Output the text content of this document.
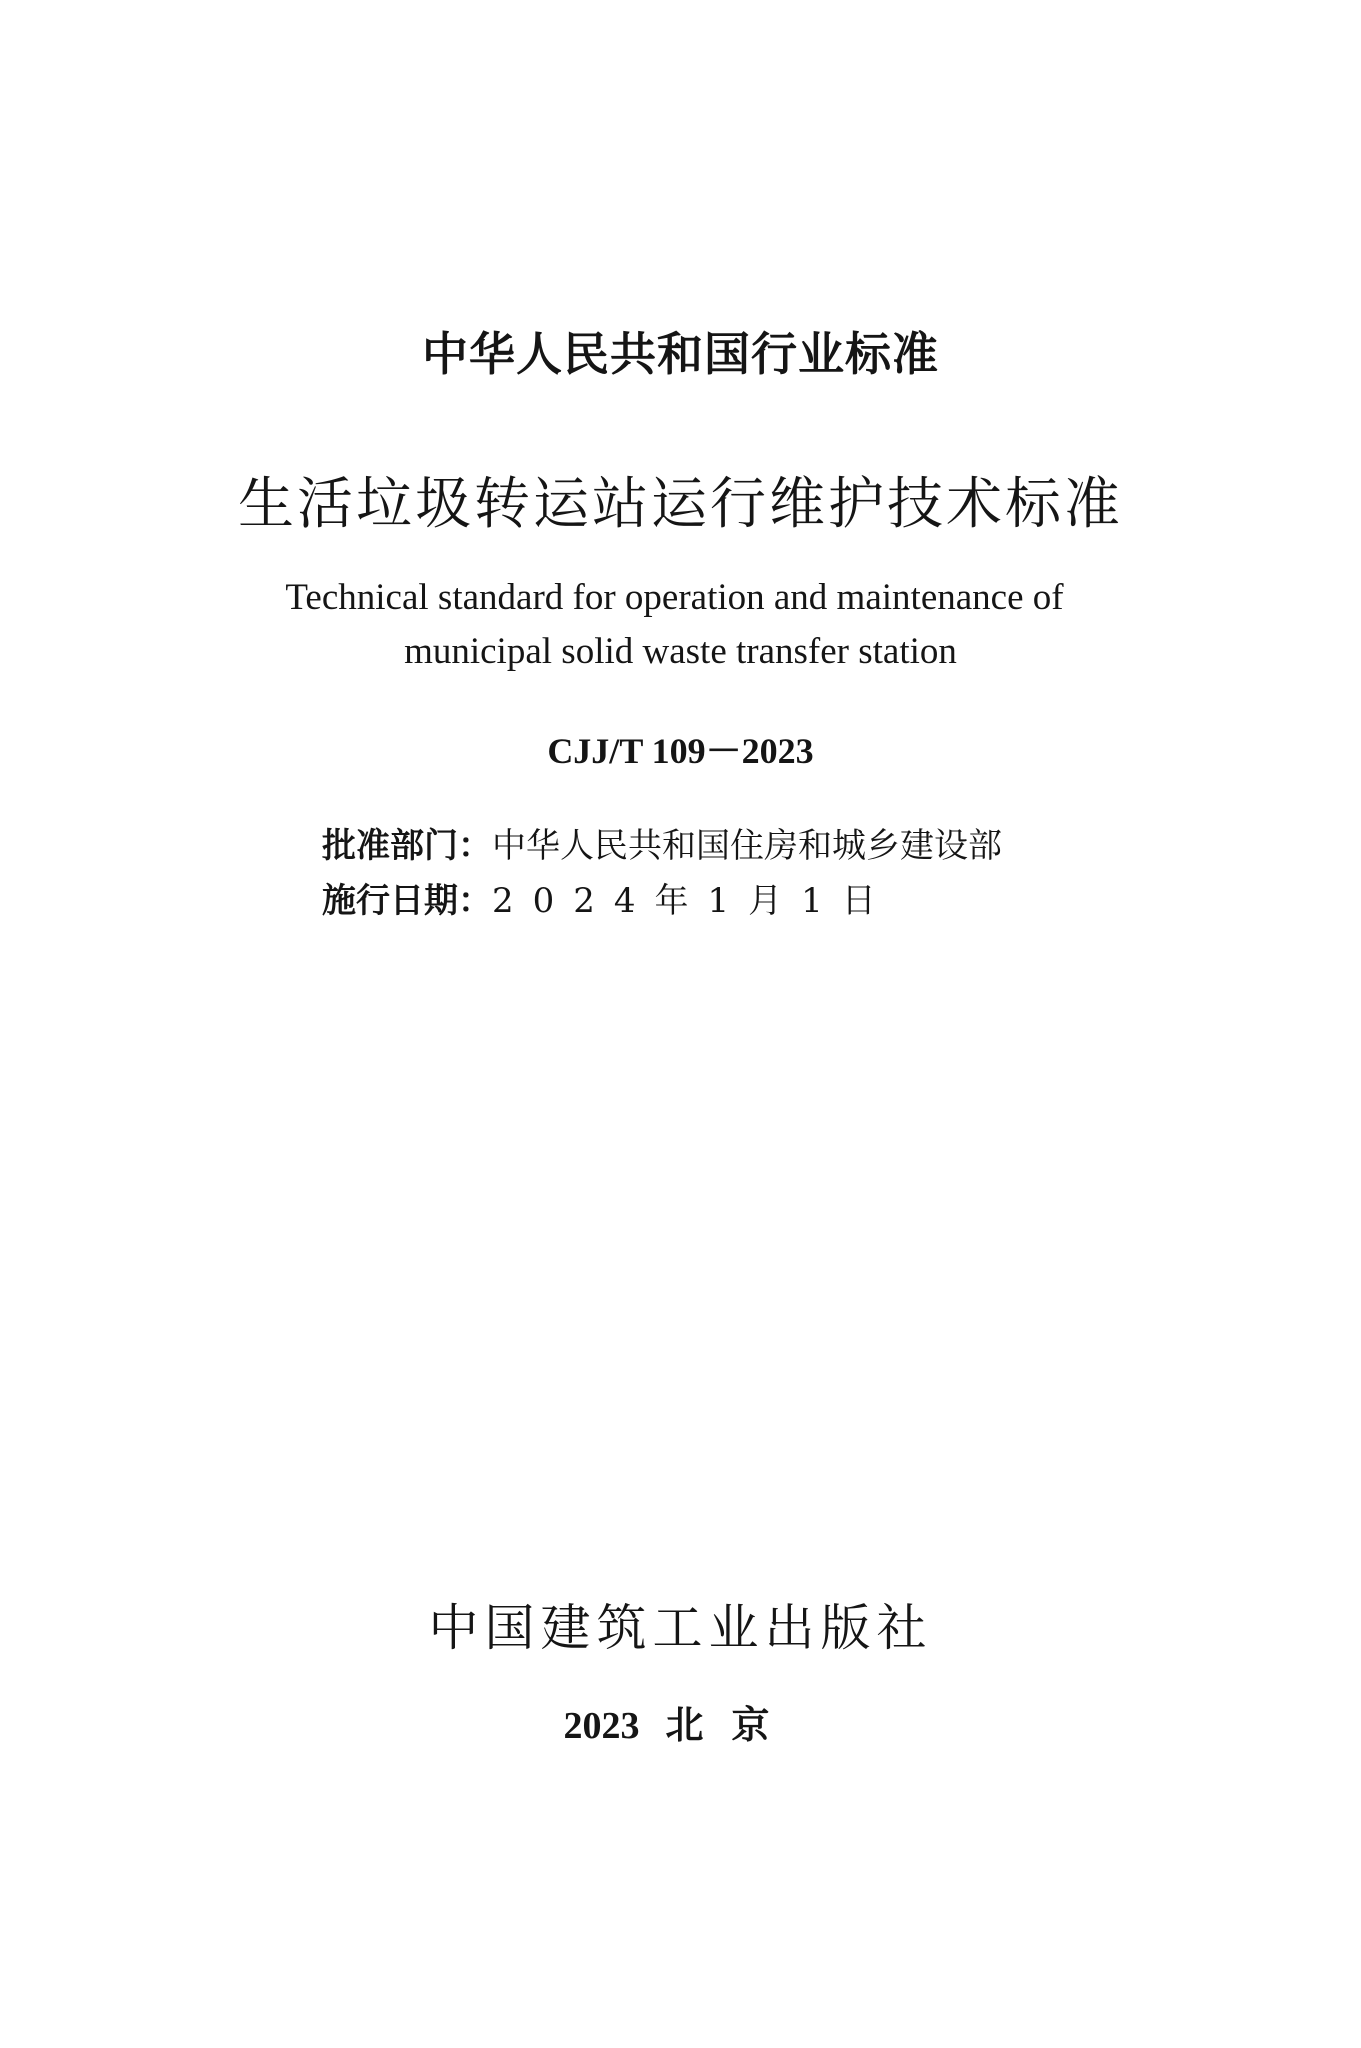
中华人民共和国行业标准
生活垃圾转运站运行维护技术标准
Technical standard for operation and maintenance of
municipal solid waste transfer station
CJJ/T 109－2023
批准部门：中华人民共和国住房和城乡建设部
施行日期：2024年1月1日
中国建筑工业出版社
2023 北京
